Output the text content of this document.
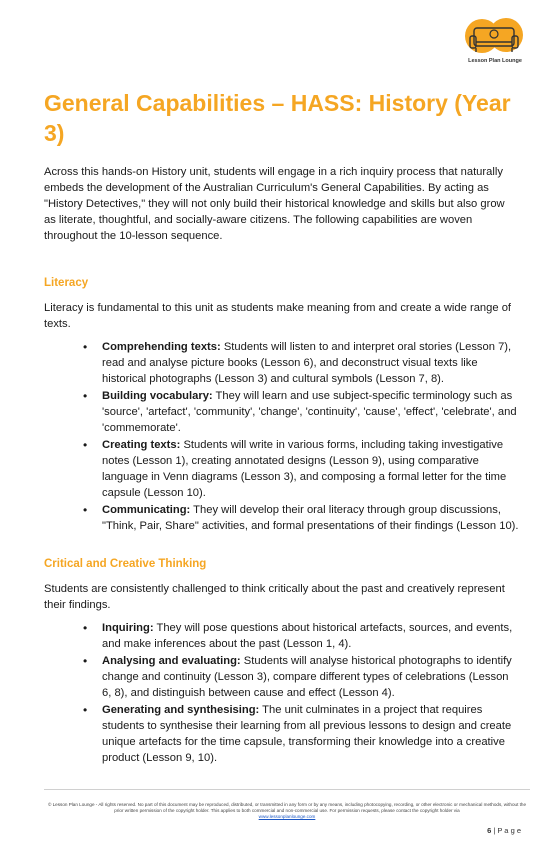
Lesson Plan Lounge
General Capabilities – HASS: History (Year 3)

Across this hands-on History unit, students will engage in a rich inquiry process that naturally embeds the development of the Australian Curriculum's General Capabilities. By acting as "History Detectives," they will not only build their historical knowledge and skills but also grow as literate, thoughtful, and socially-aware citizens. The following capabilities are woven throughout the 10-lesson sequence.

Literacy

Literacy is fundamental to this unit as students make meaning from and create a wide range of texts.

• Comprehending texts: Students will listen to and interpret oral stories (Lesson 7), read and analyse picture books (Lesson 6), and deconstruct visual texts like historical photographs (Lesson 3) and cultural symbols (Lesson 7, 8).
• Building vocabulary: They will learn and use subject-specific terminology such as 'source', 'artefact', 'community', 'change', 'continuity', 'cause', 'effect', 'celebrate', and 'commemorate'.
• Creating texts: Students will write in various forms, including taking investigative notes (Lesson 1), creating annotated designs (Lesson 9), using comparative language in Venn diagrams (Lesson 3), and composing a formal letter for the time capsule (Lesson 10).
• Communicating: They will develop their oral literacy through group discussions, "Think, Pair, Share" activities, and formal presentations of their findings (Lesson 10).
Critical and Creative Thinking

Students are consistently challenged to think critically about the past and creatively represent their findings.

• Inquiring: They will pose questions about historical artefacts, sources, and events, and make inferences about the past (Lesson 1, 4).
• Analysing and evaluating: Students will analyse historical photographs to identify change and continuity (Lesson 3), compare different types of celebrations (Lesson 6, 8), and distinguish between cause and effect (Lesson 4).
• Generating and synthesising: The unit culminates in a project that requires students to synthesise their learning from all previous lessons to design and create unique artefacts for the time capsule, transforming their knowledge into a creative product (Lesson 9, 10).
© Lesson Plan Lounge - All rights reserved. No part of this document may be reproduced, distributed, or transmitted in any form or by any means, including photocopying, recording, or other electronic or mechanical methods, without the prior written permission of the copyright holder. This applies to both commercial and non-commercial use. For permission requests, please contact the copyright holder via
www.lessonplanlounge.com
6 | P a g e
